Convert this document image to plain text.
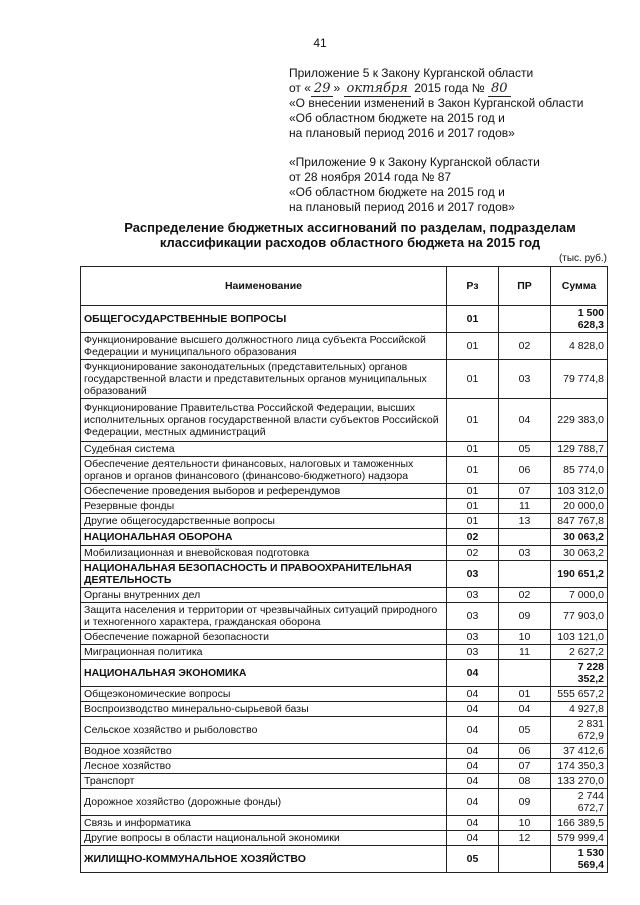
41
Приложение 5 к Закону Курганской области
от « 29 » октября 2015 года № 80
«О внесении изменений в Закон Курганской области
«Об областном бюджете на 2015 год и
на плановый период 2016 и 2017 годов»
«Приложение 9 к Закону Курганской области
от 28 ноября 2014 года № 87
«Об областном бюджете на 2015 год и
на плановый период 2016 и 2017 годов»
Распределение бюджетных ассигнований по разделам, подразделам
классификации расходов областного бюджета на 2015 год
(тыс. руб.)
Наименование	Рз	ПР	Сумма
ОБЩЕГОСУДАРСТВЕННЫЕ ВОПРОСЫ	01		1 500 628,3
Функционирование высшего должностного лица субъекта Российской Федерации и муниципального образования	01	02	4 828,0
Функционирование законодательных (представительных) органов государственной власти и представительных органов муниципальных образований	01	03	79 774,8
Функционирование Правительства Российской Федерации, высших исполнительных органов государственной власти субъектов Российской Федерации, местных администраций	01	04	229 383,0
Судебная система	01	05	129 788,7
Обеспечение деятельности финансовых, налоговых и таможенных органов и органов финансового (финансово-бюджетного) надзора	01	06	85 774,0
Обеспечение проведения выборов и референдумов	01	07	103 312,0
Резервные фонды	01	11	20 000,0
Другие общегосударственные вопросы	01	13	847 767,8
НАЦИОНАЛЬНАЯ ОБОРОНА	02		30 063,2
Мобилизационная и вневойсковая подготовка	02	03	30 063,2
НАЦИОНАЛЬНАЯ БЕЗОПАСНОСТЬ И ПРАВООХРАНИТЕЛЬНАЯ ДЕЯТЕЛЬНОСТЬ	03		190 651,2
Органы внутренних дел	03	02	7 000,0
Защита населения и территории от чрезвычайных ситуаций природного и техногенного характера, гражданская оборона	03	09	77 903,0
Обеспечение пожарной безопасности	03	10	103 121,0
Миграционная политика	03	11	2 627,2
НАЦИОНАЛЬНАЯ ЭКОНОМИКА	04		7 228 352,2
Общеэкономические вопросы	04	01	555 657,2
Воспроизводство минерально-сырьевой базы	04	04	4 927,8
Сельское хозяйство и рыболовство	04	05	2 831 672,9
Водное хозяйство	04	06	37 412,6
Лесное хозяйство	04	07	174 350,3
Транспорт	04	08	133 270,0
Дорожное хозяйство (дорожные фонды)	04	09	2 744 672,7
Связь и информатика	04	10	166 389,5
Другие вопросы в области национальной экономики	04	12	579 999,4
ЖИЛИЩНО-КОММУНАЛЬНОЕ ХОЗЯЙСТВО	05		1 530 569,4
